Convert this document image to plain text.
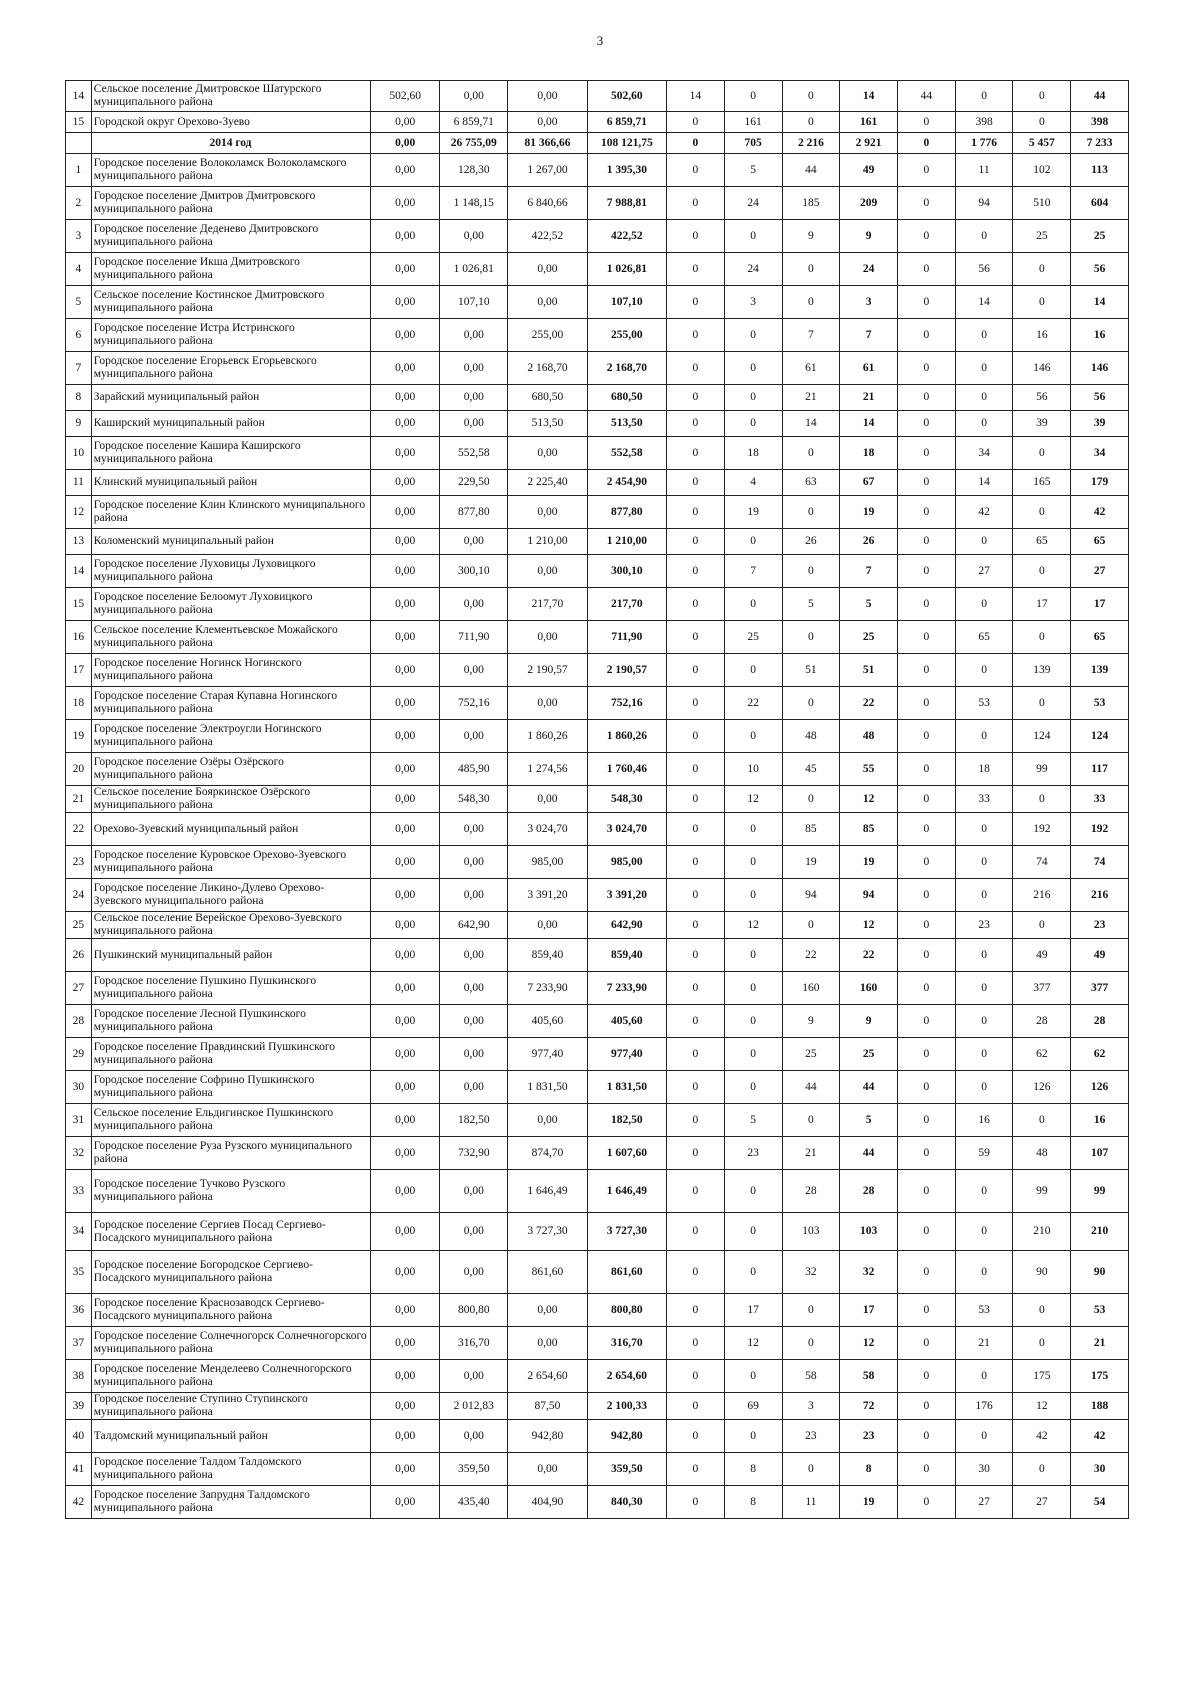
3
14	Сельское поселение Дмитровское Шатурского муниципального района	502,60	0,00	0,00	502,60	14	0	0	14	44	0	0	44
15	Городской округ Орехово-Зуево	0,00	6 859,71	0,00	6 859,71	0	161	0	161	0	398	0	398
	2014 год	0,00	26 755,09	81 366,66	108 121,75	0	705	2 216	2 921	0	1 776	5 457	7 233
1	Городское поселение Волоколамск Волоколамского муниципального района	0,00	128,30	1 267,00	1 395,30	0	5	44	49	0	11	102	113
2	Городское поселение Дмитров Дмитровского муниципального района	0,00	1 148,15	6 840,66	7 988,81	0	24	185	209	0	94	510	604
3	Городское поселение Деденево Дмитровского муниципального района	0,00	0,00	422,52	422,52	0	0	9	9	0	0	25	25
4	Городское поселение Икша Дмитровского муниципального района	0,00	1 026,81	0,00	1 026,81	0	24	0	24	0	56	0	56
5	Сельское поселение Костинское Дмитровского муниципального района	0,00	107,10	0,00	107,10	0	3	0	3	0	14	0	14
6	Городское поселение Истра Истринского муниципального района	0,00	0,00	255,00	255,00	0	0	7	7	0	0	16	16
7	Городское поселение Егорьевск Егорьевского муниципального района	0,00	0,00	2 168,70	2 168,70	0	0	61	61	0	0	146	146
8	Зарайский муниципальный район	0,00	0,00	680,50	680,50	0	0	21	21	0	0	56	56
9	Каширский муниципальный район	0,00	0,00	513,50	513,50	0	0	14	14	0	0	39	39
10	Городское поселение Кашира Каширского муниципального района	0,00	552,58	0,00	552,58	0	18	0	18	0	34	0	34
11	Клинский муниципальный район	0,00	229,50	2 225,40	2 454,90	0	4	63	67	0	14	165	179
12	Городское поселение Клин Клинского муниципального района	0,00	877,80	0,00	877,80	0	19	0	19	0	42	0	42
13	Коломенский муниципальный район	0,00	0,00	1 210,00	1 210,00	0	0	26	26	0	0	65	65
14	Городское поселение Луховицы Луховицкого муниципального района	0,00	300,10	0,00	300,10	0	7	0	7	0	27	0	27
15	Городское поселение Белоомут Луховицкого муниципального района	0,00	0,00	217,70	217,70	0	0	5	5	0	0	17	17
16	Сельское поселение Клементьевское Можайского муниципального района	0,00	711,90	0,00	711,90	0	25	0	25	0	65	0	65
17	Городское поселение Ногинск Ногинского муниципального района	0,00	0,00	2 190,57	2 190,57	0	0	51	51	0	0	139	139
18	Городское поселение Старая Купавна Ногинского муниципального района	0,00	752,16	0,00	752,16	0	22	0	22	0	53	0	53
19	Городское поселение Электроугли Ногинского муниципального района	0,00	0,00	1 860,26	1 860,26	0	0	48	48	0	0	124	124
20	Городское поселение Озёры Озёрского муниципального района	0,00	485,90	1 274,56	1 760,46	0	10	45	55	0	18	99	117
21	Сельское поселение Бояркинское Озёрского муниципального района	0,00	548,30	0,00	548,30	0	12	0	12	0	33	0	33
22	Орехово-Зуевский муниципальный район	0,00	0,00	3 024,70	3 024,70	0	0	85	85	0	0	192	192
23	Городское поселение Куровское Орехово-Зуевского муниципального района	0,00	0,00	985,00	985,00	0	0	19	19	0	0	74	74
24	Городское поселение Ликино-Дулево Орехово-Зуевского муниципального района	0,00	0,00	3 391,20	3 391,20	0	0	94	94	0	0	216	216
25	Сельское поселение Верейское Орехово-Зуевского муниципального района	0,00	642,90	0,00	642,90	0	12	0	12	0	23	0	23
26	Пушкинский муниципальный район	0,00	0,00	859,40	859,40	0	0	22	22	0	0	49	49
27	Городское поселение Пушкино Пушкинского муниципального района	0,00	0,00	7 233,90	7 233,90	0	0	160	160	0	0	377	377
28	Городское поселение Лесной Пушкинского муниципального района	0,00	0,00	405,60	405,60	0	0	9	9	0	0	28	28
29	Городское поселение Правдинский Пушкинского муниципального района	0,00	0,00	977,40	977,40	0	0	25	25	0	0	62	62
30	Городское поселение Софрино Пушкинского муниципального района	0,00	0,00	1 831,50	1 831,50	0	0	44	44	0	0	126	126
31	Сельское поселение Ельдигинское Пушкинского муниципального района	0,00	182,50	0,00	182,50	0	5	0	5	0	16	0	16
32	Городское поселение Руза Рузского муниципального района	0,00	732,90	874,70	1 607,60	0	23	21	44	0	59	48	107
33	Городское поселение Тучково Рузского муниципального района	0,00	0,00	1 646,49	1 646,49	0	0	28	28	0	0	99	99
34	Городское поселение Сергиев Посад Сергиево-Посадского муниципального района	0,00	0,00	3 727,30	3 727,30	0	0	103	103	0	0	210	210
35	Городское поселение Богородское Сергиево-Посадского муниципального района	0,00	0,00	861,60	861,60	0	0	32	32	0	0	90	90
36	Городское поселение Краснозаводск Сергиево-Посадского муниципального района	0,00	800,80	0,00	800,80	0	17	0	17	0	53	0	53
37	Городское поселение Солнечногорск Солнечногорского муниципального района	0,00	316,70	0,00	316,70	0	12	0	12	0	21	0	21
38	Городское поселение Менделеево Солнечногорского муниципального района	0,00	0,00	2 654,60	2 654,60	0	0	58	58	0	0	175	175
39	Городское поселение Ступино Ступинского муниципального района	0,00	2 012,83	87,50	2 100,33	0	69	3	72	0	176	12	188
40	Талдомский муниципальный район	0,00	0,00	942,80	942,80	0	0	23	23	0	0	42	42
41	Городское поселение Талдом Талдомского муниципального района	0,00	359,50	0,00	359,50	0	8	0	8	0	30	0	30
42	Городское поселение Запрудня Талдомского муниципального района	0,00	435,40	404,90	840,30	0	8	11	19	0	27	27	54
